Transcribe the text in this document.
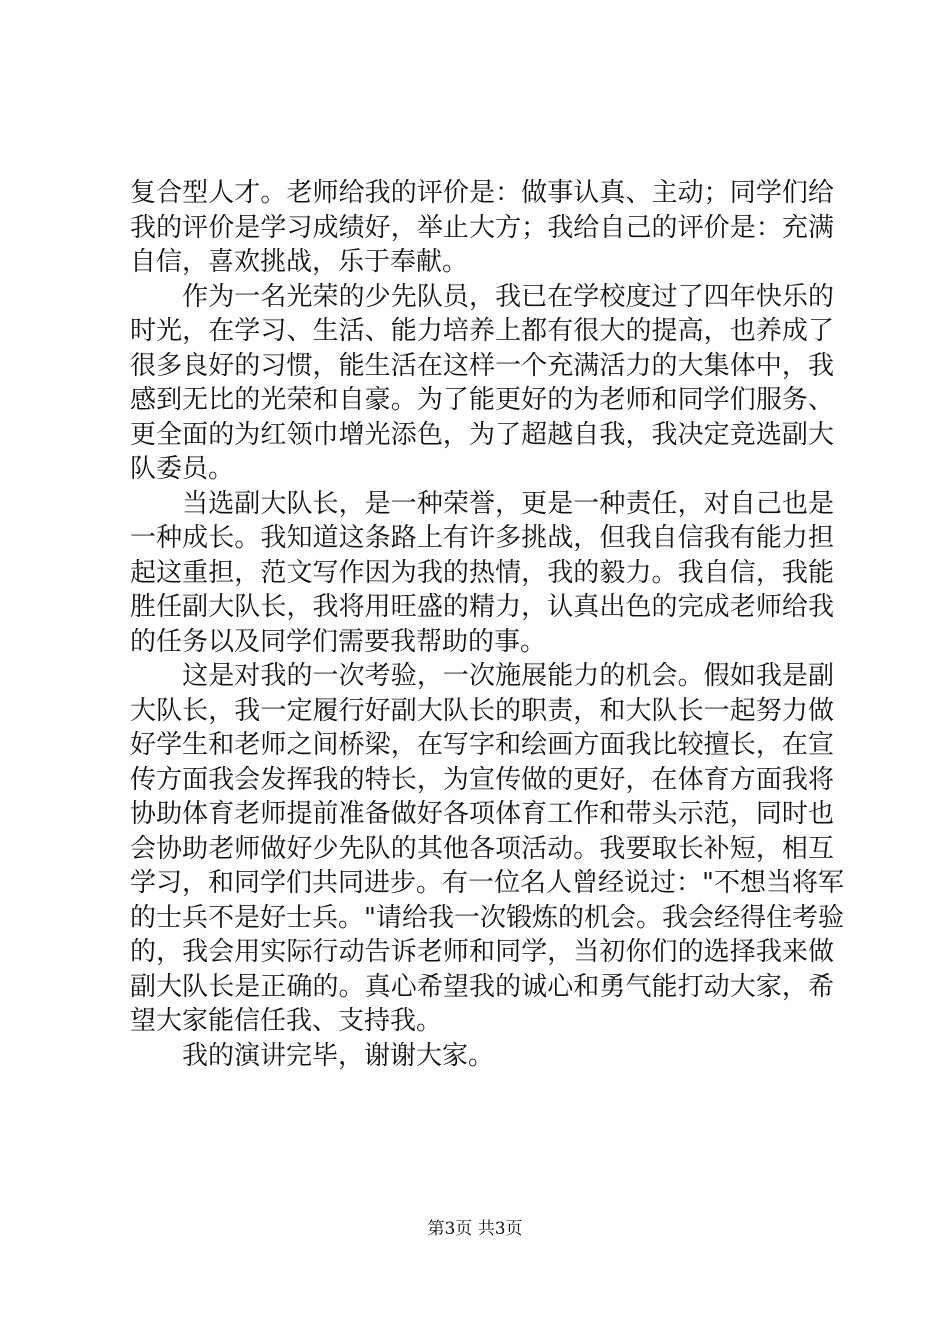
复合型人才。老师给我的评价是：做事认真、主动；同学们给
我的评价是学习成绩好，举止大方；我给自己的评价是：充满
自信，喜欢挑战，乐于奉献。
　　作为一名光荣的少先队员，我已在学校度过了四年快乐的
时光，在学习、生活、能力培养上都有很大的提高，也养成了
很多良好的习惯，能生活在这样一个充满活力的大集体中，我
感到无比的光荣和自豪。为了能更好的为老师和同学们服务、
更全面的为红领巾增光添色，为了超越自我，我决定竞选副大
队委员。
　　当选副大队长，是一种荣誉，更是一种责任，对自己也是
一种成长。我知道这条路上有许多挑战，但我自信我有能力担
起这重担，范文写作因为我的热情，我的毅力。我自信，我能
胜任副大队长，我将用旺盛的精力，认真出色的完成老师给我
的任务以及同学们需要我帮助的事。
　　这是对我的一次考验，一次施展能力的机会。假如我是副
大队长，我一定履行好副大队长的职责，和大队长一起努力做
好学生和老师之间桥梁，在写字和绘画方面我比较擅长，在宣
传方面我会发挥我的特长，为宣传做的更好，在体育方面我将
协助体育老师提前准备做好各项体育工作和带头示范，同时也
会协助老师做好少先队的其他各项活动。我要取长补短，相互
学习，和同学们共同进步。有一位名人曾经说过："不想当将军
的士兵不是好士兵。"请给我一次锻炼的机会。我会经得住考验
的，我会用实际行动告诉老师和同学，当初你们的选择我来做
副大队长是正确的。真心希望我的诚心和勇气能打动大家，希
望大家能信任我、支持我。
　　我的演讲完毕，谢谢大家。
第3页 共3页
